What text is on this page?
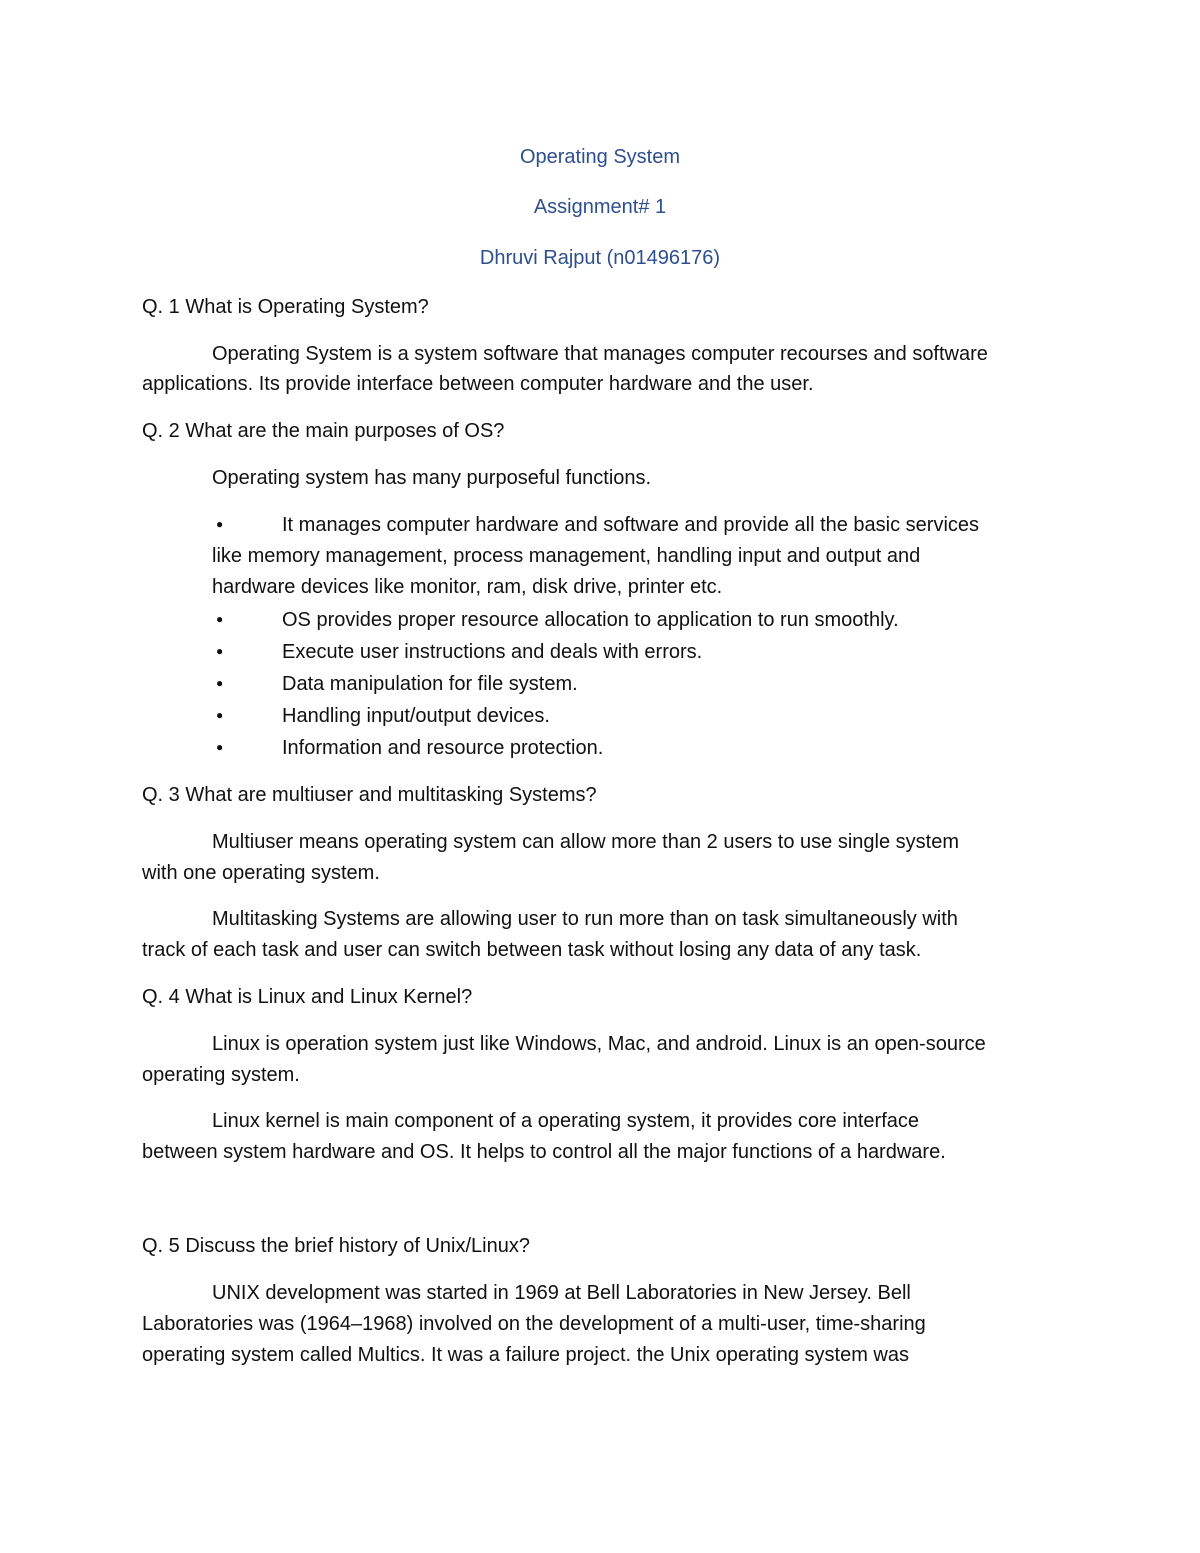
Operating System

Assignment# 1

Dhruvi Rajput (n01496176)

Q. 1 What is Operating System?

Operating System is a system software that manages computer recourses and software

applications. Its provide interface between computer hardware and the user.

Q. 2 What are the main purposes of OS?

Operating system has many purposeful functions.

●It manages computer hardware and software and provide all the basic services

like memory management, process management, handling input and output and

hardware devices like monitor, ram, disk drive, printer etc.

●OS provides proper resource allocation to application to run smoothly.
●Execute user instructions and deals with errors.
●Data manipulation for file system.
●Handling input/output devices.
●Information and resource protection.

Q. 3 What are multiuser and multitasking Systems?

Multiuser means operating system can allow more than 2 users to use single system

with one operating system.

Multitasking Systems are allowing user to run more than on task simultaneously with

track of each task and user can switch between task without losing any data of any task.

Q. 4 What is Linux and Linux Kernel?

Linux is operation system just like Windows, Mac, and android. Linux is an open-source

operating system.

Linux kernel is main component of a operating system, it provides core interface

between system hardware and OS. It helps to control all the major functions of a hardware.

Q. 5 Discuss the brief history of Unix/Linux?

UNIX development was started in 1969 at Bell Laboratories in New Jersey. Bell

Laboratories was (1964–1968) involved on the development of a multi-user, time-sharing

operating system called Multics. It was a failure project. the Unix operating system was
